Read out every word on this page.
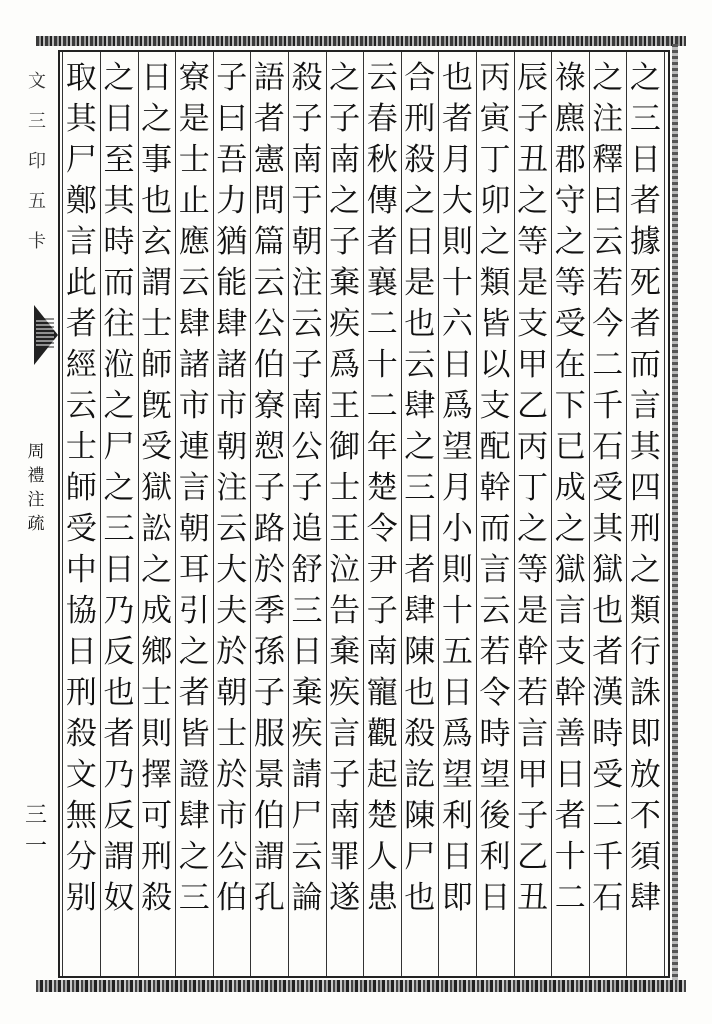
文
三
印
五
卡
周
禮
注
疏
三一
之
三
日
者
據
死
者
而
言
其
四
刑
之
類
行
誅
即
放
不
須
肆
之
注
釋
曰
云
若
今
二
千
石
受
其
獄
也
者
漢
時
受
二
千
石
祿
麃
郡
守
之
等
受
在
下
已
成
之
獄
言
支
幹
善
日
者
十
二
辰
子
丑
之
等
是
支
甲
乙
丙
丁
之
等
是
幹
若
言
甲
子
乙
丑
丙
寅
丁
卯
之
類
皆
以
支
配
幹
而
言
云
若
令
時
望
後
利
日
也
者
月
大
則
十
六
日
爲
望
月
小
則
十
五
日
爲
望
利
日
即
合
刑
殺
之
日
是
也
云
肆
之
三
日
者
肆
陳
也
殺
訖
陳
尸
也
云
春
秋
傳
者
襄
二
十
二
年
楚
令
尹
子
南
寵
觀
起
楚
人
患
之
子
南
之
子
棄
疾
爲
王
御
士
王
泣
告
棄
疾
言
子
南
罪
遂
殺
子
南
于
朝
注
云
子
南
公
子
追
舒
三
日
棄
疾
請
尸
云
論
語
者
憲
問
篇
云
公
伯
寮
愬
子
路
於
季
孫
子
服
景
伯
謂
孔
子
曰
吾
力
猶
能
肆
諸
市
朝
注
云
大
夫
於
朝
士
於
市
公
伯
寮
是
士
止
應
云
肆
諸
市
連
言
朝
耳
引
之
者
皆
證
肆
之
三
日
之
事
也
玄
謂
士
師
旣
受
獄
訟
之
成
鄉
士
則
擇
可
刑
殺
之
日
至
其
時
而
往
涖
之
尸
之
三
日
乃
反
也
者
乃
反
謂
奴
取
其
尸
鄭
言
此
者
經
云
士
師
受
中
協
日
刑
殺
文
無
分
别
